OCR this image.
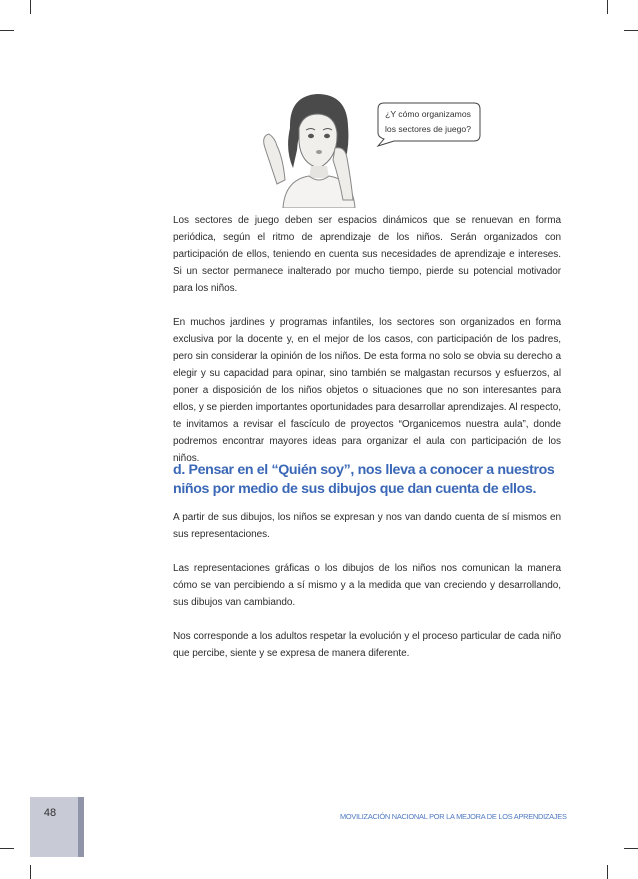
¿Y cómo organizamos
los sectores de juego?

Los sectores de juego deben ser espacios dinámicos que se renuevan en forma periódica, según el ritmo de aprendizaje de los niños. Serán organizados con participación de ellos, teniendo en cuenta sus necesidades de aprendizaje e intereses. Si un sector permanece inalterado por mucho tiempo, pierde su potencial motivador para los niños.

En muchos jardines y programas infantiles, los sectores son organizados en forma exclusiva por la docente y, en el mejor de los casos, con participación de los padres, pero sin considerar la opinión de los niños. De esta forma no solo se obvia su derecho a elegir y su capacidad para opinar, sino también se malgastan recursos y esfuerzos, al poner a disposición de los niños objetos o situaciones que no son interesantes para ellos, y se pierden importantes oportunidades para desarrollar aprendizajes. Al respecto, te invitamos a revisar el fascículo de proyectos “Organicemos nuestra aula”, donde podremos encontrar mayores ideas para organizar el aula con participación de los niños.

d. Pensar en el “Quién soy”, nos lleva a conocer a nuestros niños por medio de sus dibujos que dan cuenta de ellos.

A partir de sus dibujos, los niños se expresan y nos van dando cuenta de sí mismos en sus representaciones.

Las representaciones gráficas o los dibujos de los niños nos comunican la manera cómo se van percibiendo a sí mismo y a la medida que van creciendo y desarrollando, sus dibujos van cambiando.

Nos corresponde a los adultos respetar la evolución y el proceso particular de cada niño que percibe, siente y se expresa de manera diferente.

48	MOVILIZACIÓN NACIONAL POR LA MEJORA DE LOS APRENDIZAJES
